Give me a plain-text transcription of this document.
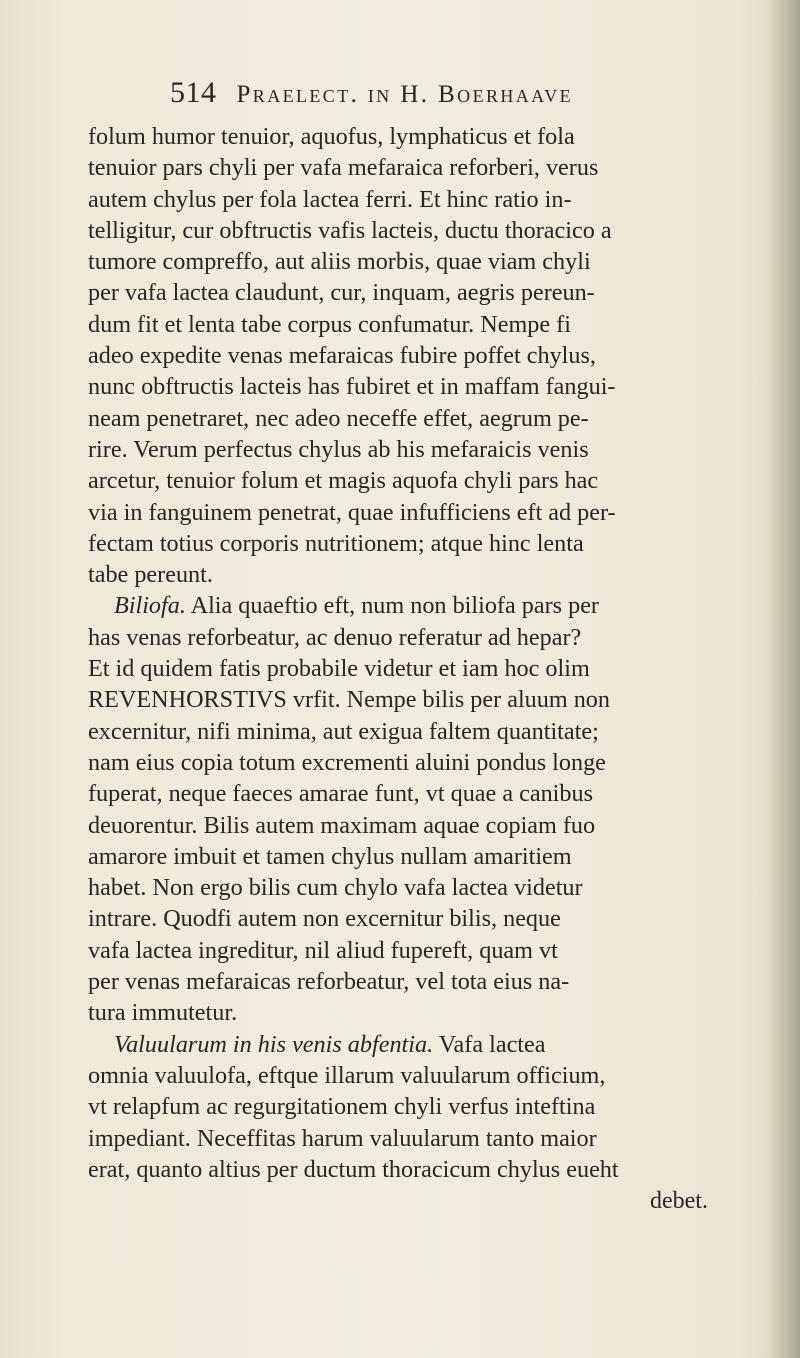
514 Praelect. in H. Boerhaave
folum humor tenuior, aquofus, lymphaticus et fola
tenuior pars chyli per vafa mefaraica reforberi, verus
autem chylus per fola lactea ferri. Et hinc ratio in-
telligitur, cur obftructis vafis lacteis, ductu thoracico a
tumore compreffo, aut aliis morbis, quae viam chyli
per vafa lactea claudunt, cur, inquam, aegris pereun-
dum fit et lenta tabe corpus confumatur. Nempe fi
adeo expedite venas mefaraicas fubire poffet chylus,
nunc obftructis lacteis has fubiret et in maffam fangui-
neam penetraret, nec adeo neceffe effet, aegrum pe-
rire. Verum perfectus chylus ab his mefaraicis venis
arcetur, tenuior folum et magis aquofa chyli pars hac
via in fanguinem penetrat, quae infufficiens eft ad per-
fectam totius corporis nutritionem; atque hinc lenta
tabe pereunt.
Biliofa. Alia quaeftio eft, num non biliofa pars per
has venas reforbeatur, ac denuo referatur ad hepar?
Et id quidem fatis probabile videtur et iam hoc olim
REVENHORSTIVS vrfit. Nempe bilis per aluum non
excernitur, nifi minima, aut exigua faltem quantitate;
nam eius copia totum excrementi aluini pondus longe
fuperat, neque faeces amarae funt, vt quae a canibus
deuorentur. Bilis autem maximam aquae copiam fuo
amarore imbuit et tamen chylus nullam amaritiem
habet. Non ergo bilis cum chylo vafa lactea videtur
intrare. Quodfi autem non excernitur bilis, neque
vafa lactea ingreditur, nil aliud fupereft, quam vt
per venas mefaraicas reforbeatur, vel tota eius na-
tura immutetur.
Valuularum in his venis abfentia. Vafa lactea
omnia valuulofa, eftque illarum valuularum officium,
vt relapfum ac regurgitationem chyli verfus inteftina
impediant. Neceffitas harum valuularum tanto maior
erat, quanto altius per ductum thoracicum chylus eueht
debet.
